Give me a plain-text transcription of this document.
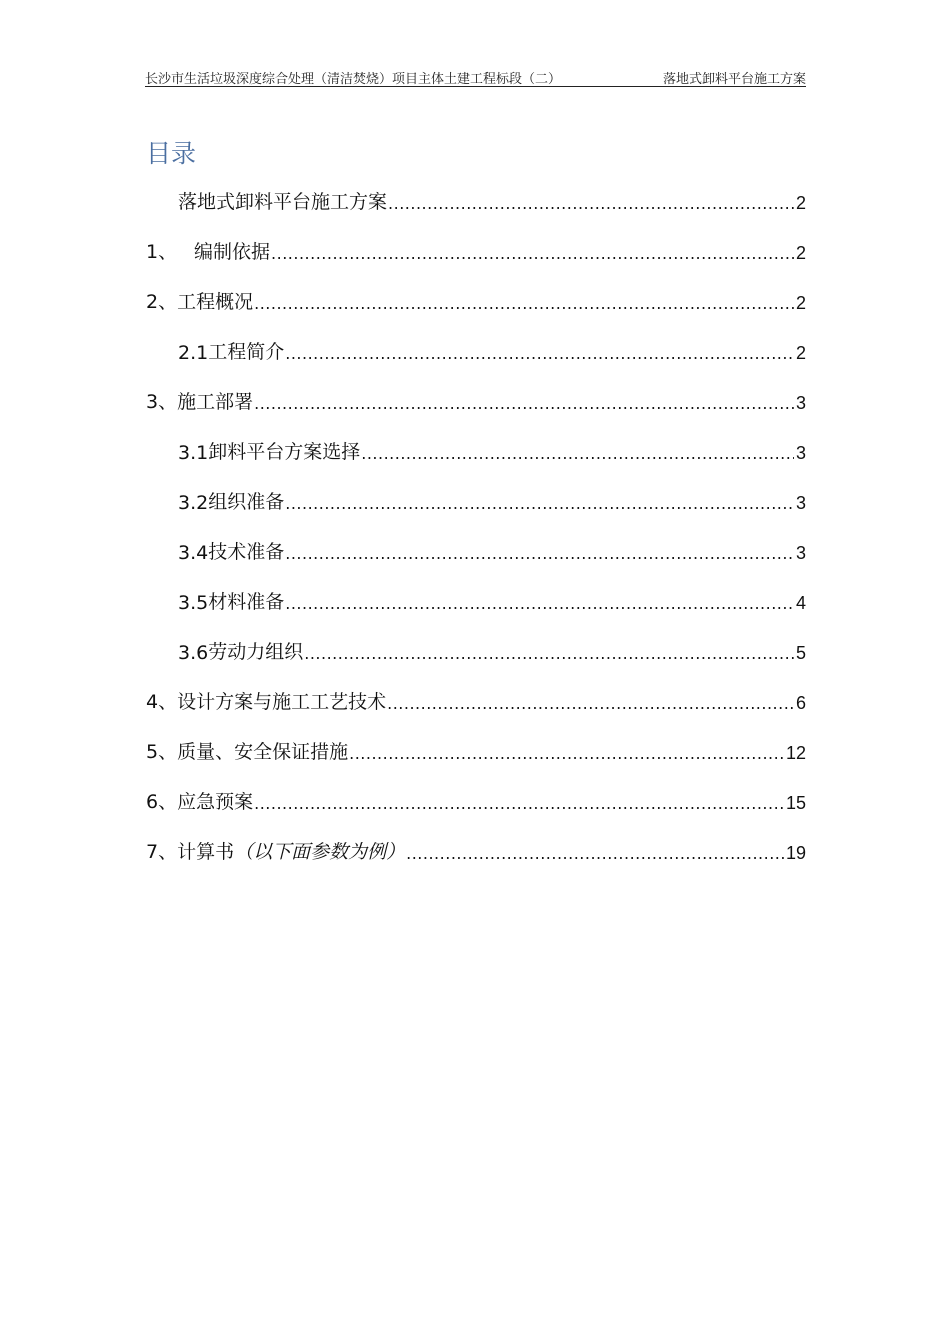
长沙市生活垃圾深度综合处理（清洁焚烧）项目主体土建工程标段（二）	落地式卸料平台施工方案
目录
落地式卸料平台施工方案 .....	2
1、 编制依据 .....	2
2、 工程概况 .....	2
2.1 工程简介 .....	2
3、 施工部署 .....	3
3.1 卸料平台方案选择 .....	3
3.2 组织准备 .....	3
3.4 技术准备 .....	3
3.5 材料准备 .....	4
3.6 劳动力组织 .....	5
4、 设计方案与施工工艺技术 .....	6
5、 质量、安全保证措施 .....	12
6、 应急预案 .....	15
7、 计算书 （以下面参数为例） .....	19
